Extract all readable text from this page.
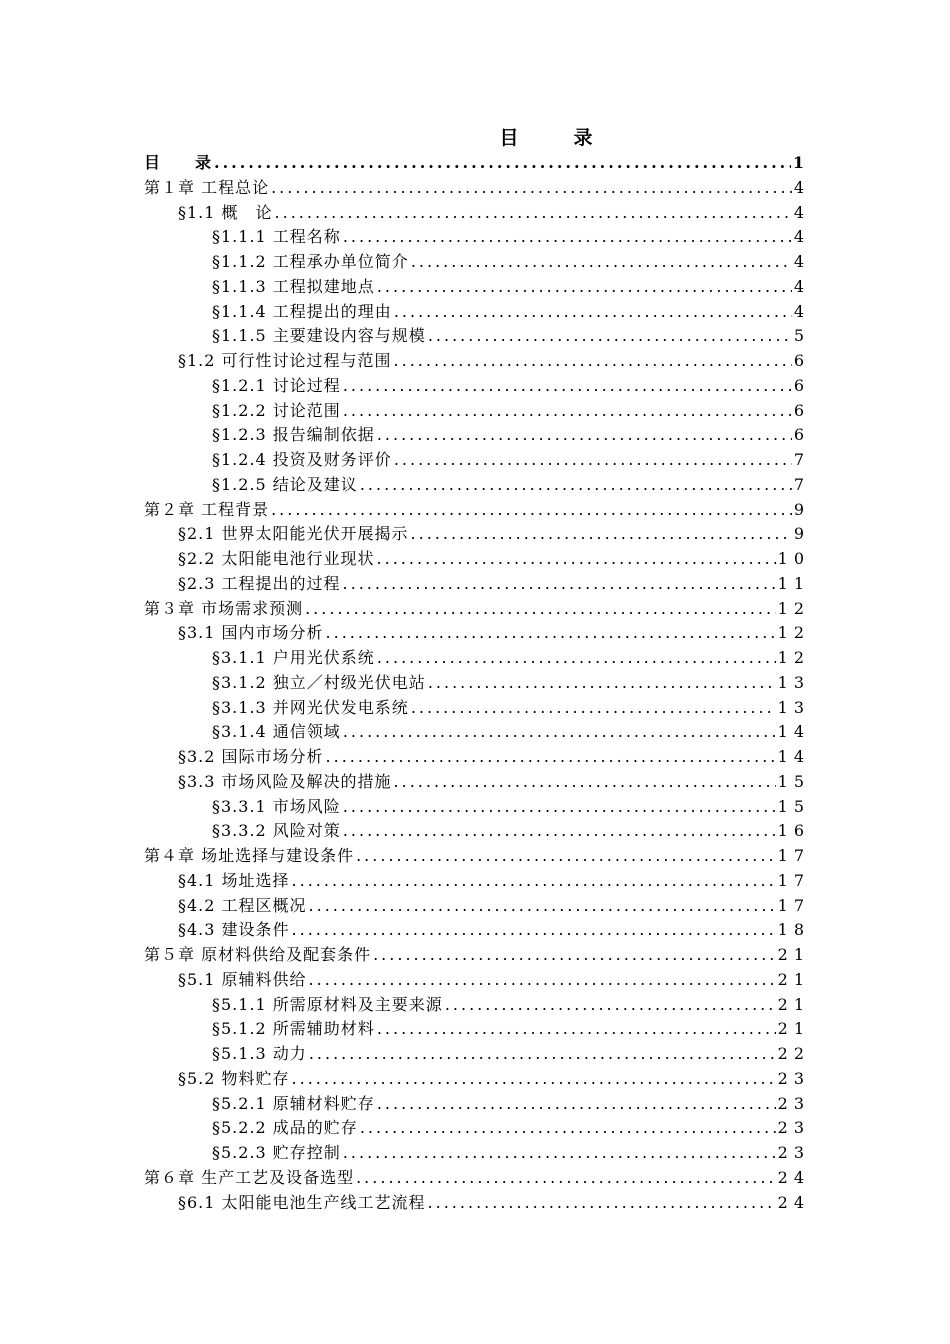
目　录
目　　录 .....	1
第１章 工程总论 .....	4
§1.1 概　论 .....	4
§1.1.1 工程名称 .....	4
§1.1.2 工程承办单位简介 .....	4
§1.1.3 工程拟建地点 .....	4
§1.1.4 工程提出的理由 .....	4
§1.1.5 主要建设内容与规模 .....	5
§1.2 可行性讨论过程与范围 .....	6
§1.2.1 讨论过程 .....	6
§1.2.2 讨论范围 .....	6
§1.2.3 报告编制依据 .....	6
§1.2.4 投资及财务评价 .....	7
§1.2.5 结论及建议 .....	7
第２章 工程背景 .....	9
§2.1 世界太阳能光伏开展揭示 .....	9
§2.2 太阳能电池行业现状 .....	10
§2.3 工程提出的过程 .....	11
第３章 市场需求预测 .....	12
§3.1 国内市场分析 .....	12
§3.1.1 户用光伏系统 .....	12
§3.1.2 独立／村级光伏电站 .....	13
§3.1.3 并网光伏发电系统 .....	13
§3.1.4 通信领域 .....	14
§3.2 国际市场分析 .....	14
§3.3 市场风险及解决的措施 .....	15
§3.3.1 市场风险 .....	15
§3.3.2 风险对策 .....	16
第４章 场址选择与建设条件 .....	17
§4.1 场址选择 .....	17
§4.2 工程区概况 .....	17
§4.3 建设条件 .....	18
第５章 原材料供给及配套条件 .....	21
§5.1 原辅料供给 .....	21
§5.1.1 所需原材料及主要来源 .....	21
§5.1.2 所需辅助材料 .....	21
§5.1.3 动力 .....	22
§5.2 物料贮存 .....	23
§5.2.1 原辅材料贮存 .....	23
§5.2.2 成品的贮存 .....	23
§5.2.3 贮存控制 .....	23
第６章 生产工艺及设备选型 .....	24
§6.1 太阳能电池生产线工艺流程 .....	24
